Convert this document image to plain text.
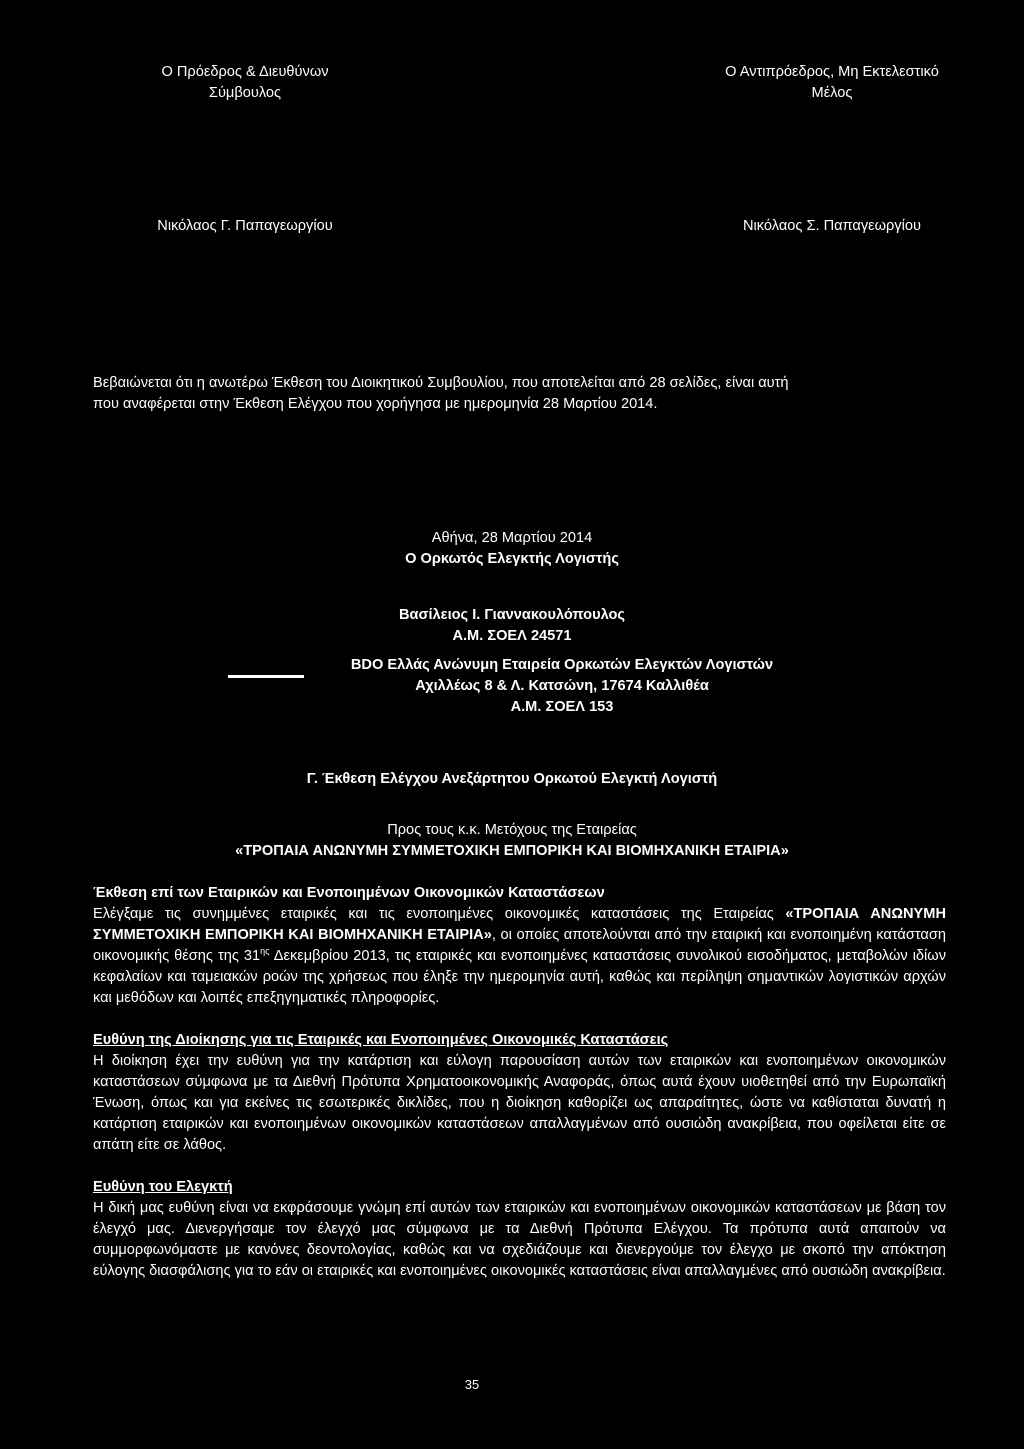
Ο Πρόεδρος & Διευθύνων
Σύμβουλος
Ο Αντιπρόεδρος, Μη Εκτελεστικό
Μέλος
Νικόλαος Γ. Παπαγεωργίου	Νικόλαος Σ. Παπαγεωργίου
Βεβαιώνεται ότι η ανωτέρω Έκθεση του Διοικητικού Συμβουλίου, που αποτελείται από 28 σελίδες, είναι αυτή
που αναφέρεται στην Έκθεση Ελέγχου που χορήγησα με ημερομηνία 28 Μαρτίου 2014.
Αθήνα, 28 Μαρτίου 2014
Ο Ορκωτός Ελεγκτής Λογιστής
Βασίλειος Ι. Γιαννακουλόπουλος
Α.Μ. ΣΟΕΛ 24571
BDO Ελλάς Ανώνυμη Εταιρεία Ορκωτών Ελεγκτών Λογιστών
Αχιλλέως 8 & Λ. Κατσώνη, 17674 Καλλιθέα
Α.Μ. ΣΟΕΛ 153
Γ. Έκθεση Ελέγχου Ανεξάρτητου Ορκωτού Ελεγκτή Λογιστή
Προς τους κ.κ. Μετόχους της Εταιρείας
«ΤΡΟΠΑΙΑ ΑΝΩΝΥΜΗ ΣΥΜΜΕΤΟΧΙΚΗ ΕΜΠΟΡΙΚΗ ΚΑΙ ΒΙΟΜΗΧΑΝΙΚΗ ΕΤΑΙΡΙΑ»
Έκθεση επί των Εταιρικών και Ενοποιημένων Οικονομικών Καταστάσεων

Ελέγξαμε τις συνημμένες εταιρικές και τις ενοποιημένες οικονομικές καταστάσεις της Εταιρείας «ΤΡΟΠΑΙΑ ΑΝΩΝΥΜΗ ΣΥΜΜΕΤΟΧΙΚΗ ΕΜΠΟΡΙΚΗ ΚΑΙ ΒΙΟΜΗΧΑΝΙΚΗ ΕΤΑΙΡΙΑ», οι οποίες αποτελούνται από την εταιρική και ενοποιημένη κατάσταση οικονομικής θέσης της $31^{\eta\varsigma}$ Δεκεμβρίου 2013, τις εταιρικές και ενοποιημένες καταστάσεις συνολικού εισοδήματος, μεταβολών ιδίων κεφαλαίων και ταμειακών ροών της χρήσεως που έληξε την ημερομηνία αυτή, καθώς και περίληψη σημαντικών λογιστικών αρχών και μεθόδων και λοιπές επεξηγηματικές πληροφορίες.

Ευθύνη της Διοίκησης για τις Εταιρικές και Ενοποιημένες Οικονομικές Καταστάσεις

Η διοίκηση έχει την ευθύνη για την κατάρτιση και εύλογη παρουσίαση αυτών των εταιρικών και ενοποιημένων οικονομικών καταστάσεων σύμφωνα με τα Διεθνή Πρότυπα Χρηματοοικονομικής Αναφοράς, όπως αυτά έχουν υιοθετηθεί από την Ευρωπαϊκή Ένωση, όπως και για εκείνες τις εσωτερικές δικλίδες, που η διοίκηση καθορίζει ως απαραίτητες, ώστε να καθίσταται δυνατή η κατάρτιση εταιρικών και ενοποιημένων οικονομικών καταστάσεων απαλλαγμένων από ουσιώδη ανακρίβεια, που οφείλεται είτε σε απάτη είτε σε λάθος.

Ευθύνη του Ελεγκτή

Η δική μας ευθύνη είναι να εκφράσουμε γνώμη επί αυτών των εταιρικών και ενοποιημένων οικονομικών καταστάσεων με βάση τον έλεγχό μας. Διενεργήσαμε τον έλεγχό μας σύμφωνα με τα Διεθνή Πρότυπα Ελέγχου. Τα πρότυπα αυτά απαιτούν να συμμορφωνόμαστε με κανόνες δεοντολογίας, καθώς και να σχεδιάζουμε και διενεργούμε τον έλεγχο με σκοπό την απόκτηση εύλογης διασφάλισης για το εάν οι εταιρικές και ενοποιημένες οικονομικές καταστάσεις είναι απαλλαγμένες από ουσιώδη ανακρίβεια.

35
